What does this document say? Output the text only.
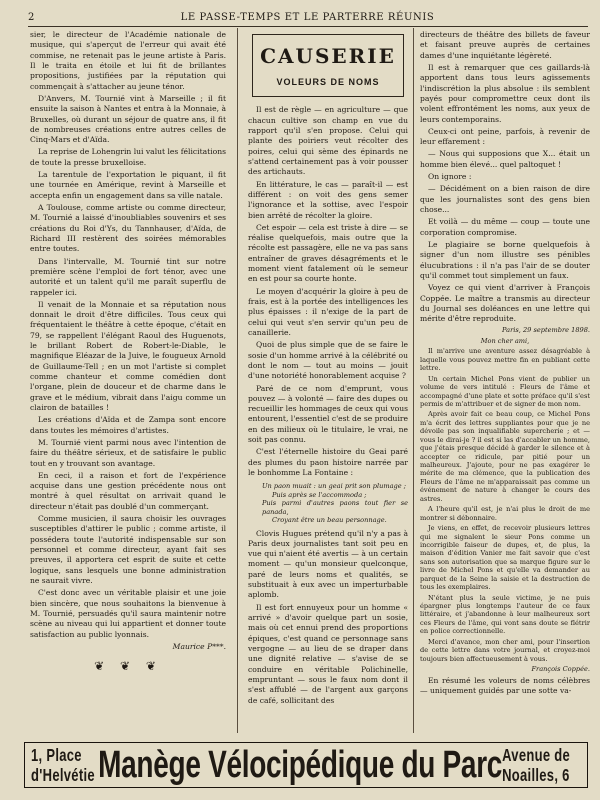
2	LE PASSE-TEMPS ET LE PARTERRE RÉUNIS

sier, le directeur de l'Académie nationale de musique, qui s'aperçut de l'erreur qui avait été commise, ne retenait pas le jeune artiste à Paris. Il le traita en étoile et lui fit de brillantes propositions, justifiées par la réputation qui commençait à s'attacher au jeune ténor.

D'Anvers, M. Tournié vint à Marseille ; il fit ensuite la saison à Nantes et entra à la Monnaie, à Bruxelles, où durant un séjour de quatre ans, il fit de nombreuses créations entre autres celles de Cinq-Mars et d'Aïda.

La reprise de Lohengrin lui valut les félicitations de toute la presse bruxelloise.

La tarentule de l'exportation le piquant, il fit une tournée en Amérique, revint à Marseille et accepta enfin un engagement dans sa ville natale.

A Toulouse, comme artiste ou comme directeur, M. Tournié a laissé d'inoubliables souvenirs et ses créations du Roi d'Ys, du Tannhauser, d'Aïda, de Richard III restèrent des soirées mémorables entre toutes.

Dans l'intervalle, M. Tournié tint sur notre première scène l'emploi de fort ténor, avec une autorité et un talent qu'il me paraît superflu de rappeler ici.

Il venait de la Monnaie et sa réputation nous donnait le droit d'être difficiles. Tous ceux qui fréquentaient le théâtre à cette époque, c'était en 79, se rappellent l'élégant Raoul des Huguenots, le brillant Robert de Robert-le-Diable, le magnifique Eléazar de la Juive, le fougueux Arnold de Guillaume-Tell ; en un mot l'artiste si complet comme chanteur et comme comédien dont l'organe, plein de douceur et de charme dans le grave et le médium, vibrait dans l'aigu comme un clairon de batailles !

Les créations d'Aïda et de Zampa sont encore dans toutes les mémoires d'artistes.

M. Tournié vient parmi nous avec l'intention de faire du théâtre sérieux, et de satisfaire le public tout en y trouvant son avantage.

En ceci, il a raison et fort de l'expérience acquise dans une gestion précédente nous ont montré à quel résultat on arrivait quand le directeur n'était pas doublé d'un commerçant.

Comme musicien, il saura choisir les ouvrages susceptibles d'attirer le public ; comme artiste, il possédera toute l'autorité indispensable sur son personnel et comme directeur, ayant fait ses preuves, il apportera cet esprit de suite et cette logique, sans lesquels une bonne administration ne saurait vivre.

C'est donc avec un véritable plaisir et une joie bien sincère, que nous souhaitons la bienvenue à M. Tournié, persuadés qu'il saura maintenir notre scène au niveau qui lui appartient et donner toute satisfaction au public lyonnais.

Maurice P***.

❦ ❦ ❦
CAUSERIE
VOLEURS DE NOMS

Il est de règle — en agriculture — que chacun cultive son champ en vue du rapport qu'il s'en propose. Celui qui plante des poiriers veut récolter des poires, celui qui sème des épinards ne s'attend certainement pas à voir pousser des artichauts.

En littérature, le cas — paraît-il — est différent : on voit des gens semer l'ignorance et la sottise, avec l'espoir bien arrêté de récolter la gloire.

Cet espoir — cela est triste à dire — se réalise quelquefois, mais outre que la récolte est passagère, elle ne va pas sans entraîner de graves désagréments et le moment vient fatalement où le semeur en est pour sa courte honte.

Le moyen d'acquérir la gloire à peu de frais, est à la portée des intelligences les plus épaisses : il n'exige de la part de celui qui veut s'en servir qu'un peu de canaillerie.

Quoi de plus simple que de se faire le sosie d'un homme arrivé à la célébrité ou dont le nom — tout au moins — jouit d'une notoriété honorablement acquise ?

Paré de ce nom d'emprunt, vous pouvez — à volonté — faire des dupes ou recueillir les hommages de ceux qui vous entourent, l'essentiel c'est de se produire en des milieux où le titulaire, le vrai, ne soit pas connu.

C'est l'éternelle histoire du Geai paré des plumes du paon histoire narrée par le bonhomme La Fontaine :

Un paon muait : un geai prit son plumage ;

Puis après se l'accommoda ;

Puis parmi d'autres paons tout fier se panada,

Croyant être un beau personnage.

Clovis Hugues prétend qu'il n'y a pas à Paris deux journalistes tant soit peu en vue qui n'aient été avertis — à un certain moment — qu'un monsieur quelconque, paré de leurs noms et qualités, se substituait à eux avec un imperturbable aplomb.

Il est fort ennuyeux pour un homme « arrivé » d'avoir quelque part un sosie, mais où cet ennui prend des proportions épiques, c'est quand ce personnage sans vergogne — au lieu de se draper dans une dignité relative — s'avise de se conduire en véritable Polichinelle, empruntant — sous le faux nom dont il s'est affublé — de l'argent aux garçons de café, sollicitant des

directeurs de théâtre des billets de faveur et faisant preuve auprès de certaines dames d'une inquiétante légèreté.

Il est à remarquer que ces gaillards-là apportent dans tous leurs agissements l'indiscrétion la plus absolue : ils semblent payés pour compromettre ceux dont ils volent effrontément les noms, aux yeux de leurs contemporains.

Ceux-ci ont peine, parfois, à revenir de leur effarement :

— Nous qui supposions que X... était un homme bien élevé... quel paltoquet !

On ignore :

— Décidément on a bien raison de dire que les journalistes sont des gens bien chose...

Et voilà — du même — coup — toute une corporation compromise.

Le plagiaire se borne quelquefois à signer d'un nom illustre ses pénibles élucubrations : il n'a pas l'air de se douter qu'il commet tout simplement un faux.

Voyez ce qui vient d'arriver à François Coppée. Le maître a transmis au directeur du Journal ses doléances en une lettre qui mérite d'être reproduite.

Paris, 29 septembre 1898.

Mon cher ami,

Il m'arrive une aventure assez désagréable à laquelle vous pouvez mettre fin en publiant cette lettre.

Un certain Michel Pons vient de publier un volume de vers intitulé : Fleurs de l'âme et accompagné d'une plate et sotte préface qu'il s'est permis de m'attribuer et de signer de mon nom.

Après avoir fait ce beau coup, ce Michel Pons m'a écrit des lettres suppliantes pour que je ne dévoile pas son inqualifiable supercherie ; et — vous le dirai-je ? il est si las d'accabler un homme, que j'étais presque décidé à garder le silence et à accepter ce ridicule, par pitié pour un malheureux. J'ajoute, pour ne pas exagérer le mérite de ma clémence, que la publication des Fleurs de l'âme ne m'apparaissait pas comme un événement de nature à changer le cours des astres.

A l'heure qu'il est, je n'ai plus le droit de me montrer si débonnaire.

Je viens, en effet, de recevoir plusieurs lettres qui me signalent le sieur Pons comme un incorrigible faiseur de dupes, et, de plus, la maison d'édition Vanier me fait savoir que c'est sans son autorisation que sa marque figure sur le livre de Michel Pons et qu'elle va demander au parquet de la Seine la saisie et la destruction de tous les exemplaires.

N'étant plus la seule victime, je ne puis épargner plus longtemps l'auteur de ce faux littéraire, et j'abandonne à leur malheureux sort ces Fleurs de l'âme, qui vont sans doute se flétrir en police correctionnelle.

Merci d'avance, mon cher ami, pour l'insertion de cette lettre dans votre journal, et croyez-moi toujours bien affectueusement à vous.

François Coppée.

En résumé les voleurs de noms célèbres — uniquement guidés par une sotte va-

1, Place d'Helvétie Manège Vélocipédique du Parc Avenue de Noailles, 6
